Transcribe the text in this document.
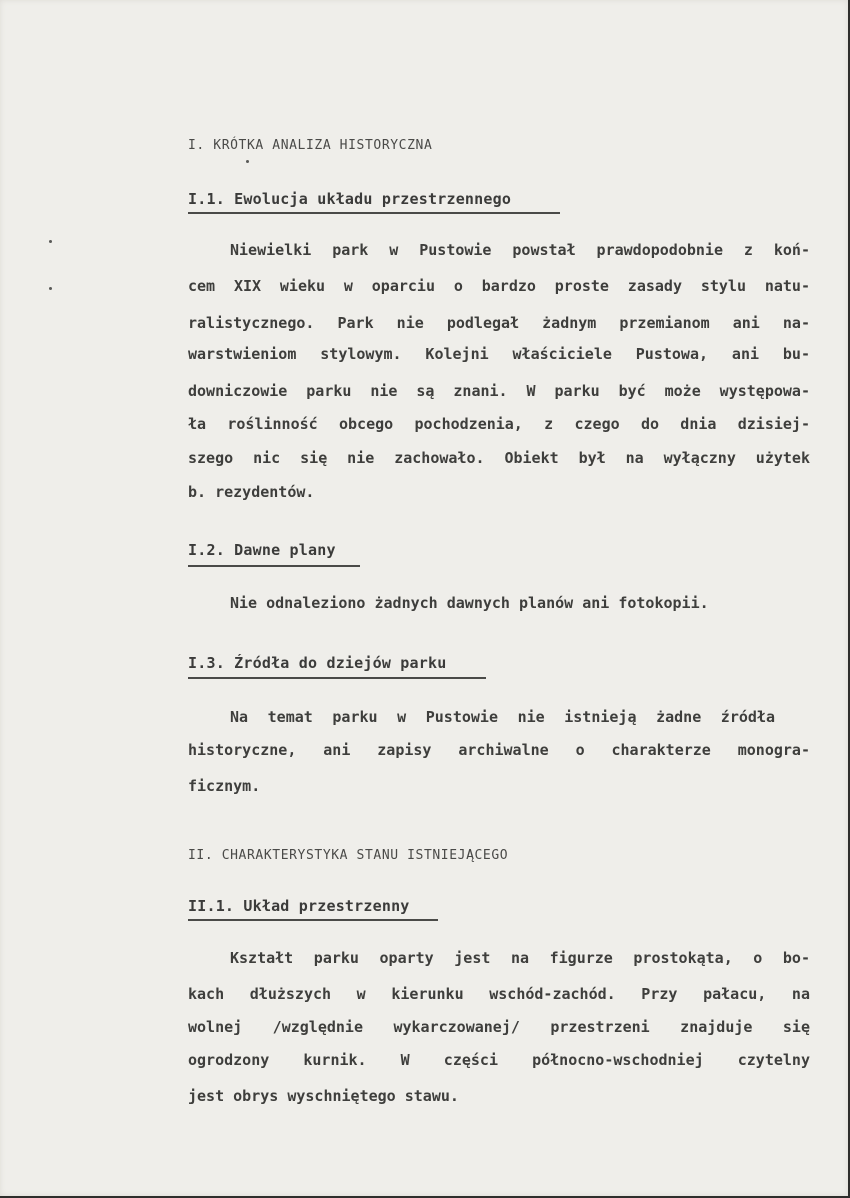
I. KRÓTKA ANALIZA HISTORYCZNA
I.1. Ewolucja układu przestrzennego
Niewielki park w Pustowie powstał prawdopodobnie z koń-
cem XIX wieku w oparciu o bardzo proste zasady stylu natu-
ralistycznego. Park nie podlegał żadnym przemianom ani na-
warstwieniom stylowym. Kolejni właściciele Pustowa, ani bu-
downiczowie parku nie są znani. W parku być może występowa-
ła roślinność obcego pochodzenia, z czego do dnia dzisiej-
szego nic się nie zachowało. Obiekt był na wyłączny użytek
b. rezydentów.
I.2. Dawne plany
Nie odnaleziono żadnych dawnych planów ani fotokopii.
I.3. Źródła do dziejów parku
Na temat parku w Pustowie nie istnieją żadne źródła
historyczne, ani zapisy archiwalne o charakterze monogra-
ficznym.
II. CHARAKTERYSTYKA STANU ISTNIEJĄCEGO
II.1. Układ przestrzenny
Kształt parku oparty jest na figurze prostokąta, o bo-
kach dłuższych w kierunku wschód-zachód. Przy pałacu, na
wolnej /względnie wykarczowanej/ przestrzeni znajduje się
ogrodzony kurnik. W części północno-wschodniej czytelny
jest obrys wyschniętego stawu.
